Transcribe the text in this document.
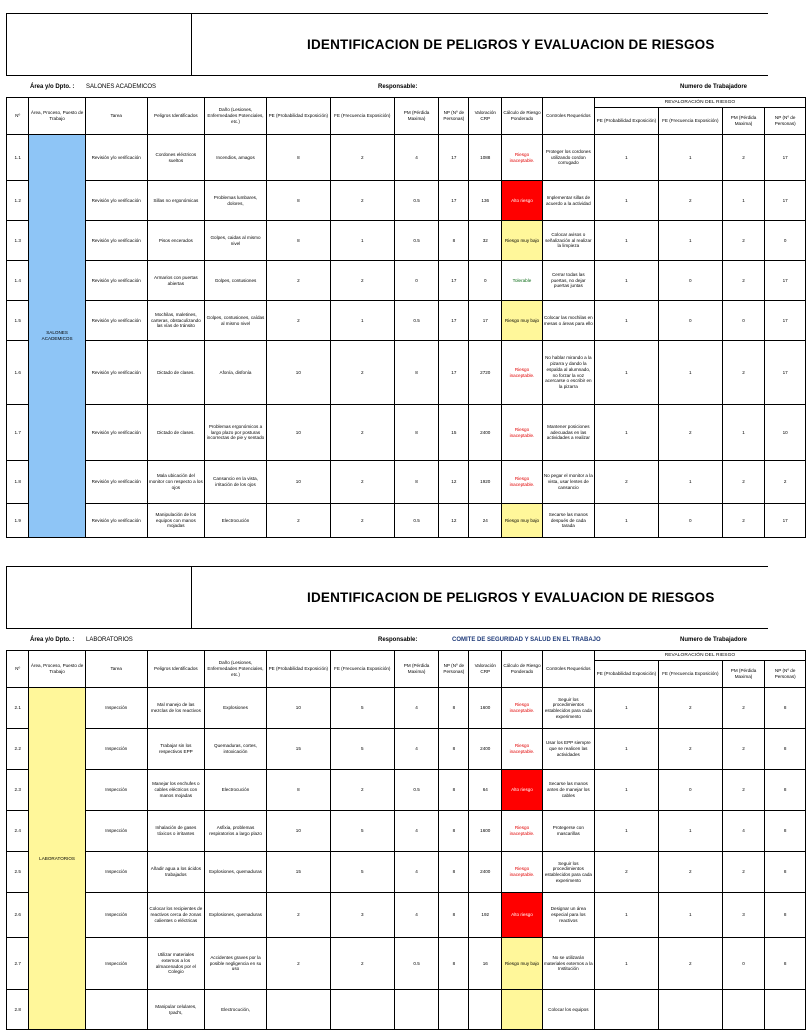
IDENTIFICACION DE PELIGROS Y EVALUACION DE RIESGOS
Área y/o Dpto. : SALONES ACADEMICOS	Responsable:	Numero de Trabajadore
Nº	Área, Proceso, Puesto de Trabajo	Tarea	Peligros Identificados	Daño (Lesiones, Enfermedades Potenciales, etc.)	PE (Probabilidad Exposición)	FE (Frecuencia Exposición)	PM (Pérdida Maxima)	NP (Nº de Personas)	Valoración CRP	Cálculo de Riesgo Ponderado	Controles Requeridos	REVALORACIÓN DEL RIESGO			
												PE (Probabilidad Exposición)	FE (Frecuencia Exposición)	PM (Pérdida Maxima)	NP (Nº de Personas)
1.1	SALONES ACADEMICOS	Revisión y/o verificación	Cordones eléctricos sueltos	Incendios, amagos	8	2	4	17	1088	Riesgo inaceptable.	Proteger los cordones utilizando cordon corrugado	1	1	2	17
1.2		Revisión y/o verificación	Sillas no ergonómicas	Problemas lumbares, dolores,	8	2	0.5	17	136	Alto riesgo	Implementar sillas de acuerdo a la actividad	1	2	1	17
1.3		Revisión y/o verificación	Pisos encerados	Golpes, caidas al mismo nivel	8	1	0.5	8	32	Riesgo muy bajo	Colocar avisos o señalización al realizar la limpieza	1	1	2	0
1.4		Revisión y/o verificación	Armarios con puertas abiertas	Golpes, contusiones	2	2	0	17	0	Tolerable	Cerrar todas las puertas, no dejar puertas juntas	1	0	2	17
1.5		Revisión y/o verificación	Mochilas, maletines, carteras, obstaculizando las vías de tránsito	Golpes, contusiones, caídas al mismo nivel	2	1	0.5	17	17	Riesgo muy bajo	Colocar las mochilas en mesas o áreas para ello	1	0	0	17
1.6		Revisión y/o verificación	Dictado de clases.	Afonía, disfonía	10	2	8	17	2720	Riesgo inaceptable.	No hablar mirando a la pizarra y dando la espalda al alumnado, no forzar la voz acercarse o escribir en la pizarra	1	1	2	17
1.7		Revisión y/o verificación	Dictado de clases.	Problemas ergonómicos a largo plazo por posturas incorrectas de pie y sentado	10	2	8	15	2400	Riesgo inaceptable.	Mantener posiciones adecuadas en las actividades a realizar	1	2	1	10
1.8		Revisión y/o verificación	Mala ubicación del monitor con respecto a los ojos	Cansancio en la vista, irritación de los ojos	10	2	8	12	1920	Riesgo inaceptable.	No pegar el monitor a la vista, usar lentes de cansancio	2	1	2	2
1.9		Revisión y/o verificación	Manipulación de los equipos con manos mojadas	Electrocución	2	2	0.5	12	24	Riesgo muy bajo	Secarse las manos después de cada tarada	1	0	2	17
IDENTIFICACION DE PELIGROS Y EVALUACION DE RIESGOS
Área y/o Dpto. : LABORATORIOS	Responsable:	COMITE DE SEGURIDAD Y SALUD EN EL TRABAJO	Numero de Trabajadore
Nº	Área, Proceso, Puesto de Trabajo	Tarea	Peligros Identificados	Daño (Lesiones, Enfermedades Potenciales, etc.)	PE (Probabilidad Exposición)	FE (Frecuencia Exposición)	PM (Pérdida Maxima)	NP (Nº de Personas)	Valoración CRP	Cálculo de Riesgo Ponderado	Controles Requeridos	REVALORACIÓN DEL RIESGO			
												PE (Probabilidad Exposición)	FE (Frecuencia Exposición)	PM (Pérdida Maxima)	NP (Nº de Personas)
2.1	LABORATORIOS	Inspección	Mal manejo de las mezclas de los reactivos	Explosiones	10	5	4	8	1600	Riesgo inaceptable.	Seguir los procedimientos establecidos para cada experimento	1	2	2	8
2.2		Inspección	Trabajar sin los respectivos EPP	Quemaduras, cortes, intoxicación	15	5	4	8	2400	Riesgo inaceptable.	Usar los EPP siempre que se realicen las actividades	1	2	2	8
2.3		Inspección	Manejar los enchufes o cables eléctricos con manos mojadas	Electrocución	8	2	0.5	8	64	Alto riesgo	Secarse las manos antes de manejar los cables	1	0	2	8
2.4		Inspección	Inhalación de gases tóxicos o irritantes	Asfixia, problemas respiratorios a largo plazo	10	5	4	8	1600	Riesgo inaceptable.	Protegerse con mascarillas	1	1	4	8
2.5		Inspección	Añadir agua a los ácidos trabajados	Explosiones, quemaduras	15	5	4	8	2400	Riesgo inaceptable.	Seguir los procedimientos establecidos para cada experimento	2	2	2	8
2.6		Inspección	Colocar los recipientes de reactivos cerca de zonas calientes o eléctricas	Explosiones, quemaduras	2	3	4	8	192	Alto riesgo	Designar un área especial para los reactivos	1	1	3	8
2.7		Inspección	Utilizar materiales externos a los almacenados por el Colegio	Accidentes graves por la posible negligencia en su uso	2	2	0.5	8	16	Riesgo muy bajo	No se utilizarán materiales externos a la Institución	1	2	0	8
2.8			Manipular celulares, Ipad's,	Electrocución,							Colocar los equipos				
